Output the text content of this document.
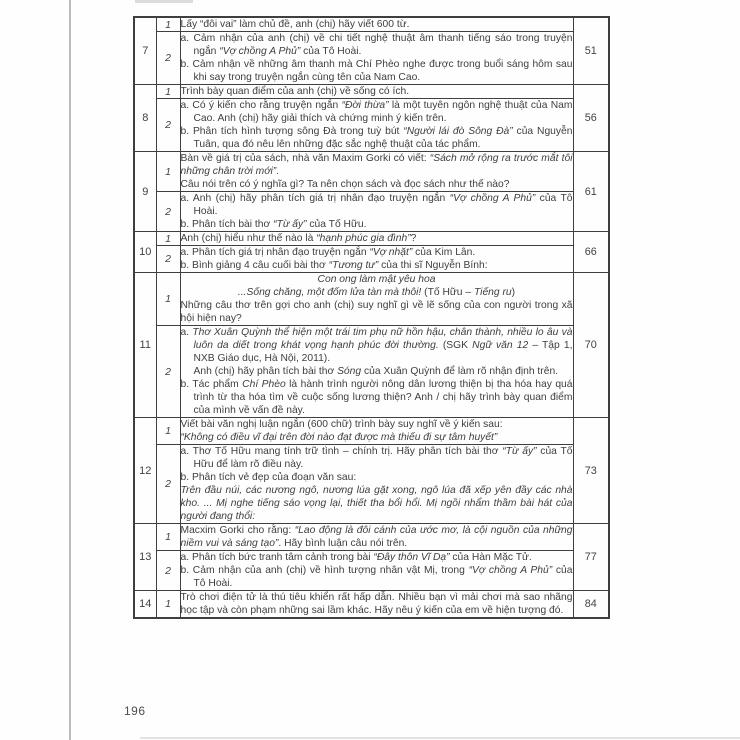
7	1	Lấy “đôi vai” làm chủ đề, anh (chị) hãy viết 600 từ.	51
	2	a. Cảm nhận của anh (chị) về chi tiết nghệ thuật âm thanh tiếng sáo trong truyện ngắn “Vợ chồng A Phủ” của Tô Hoài.
b. Cảm nhận về những âm thanh mà Chí Phèo nghe được trong buổi sáng hôm sau khi say trong truyện ngắn cùng tên của Nam Cao.	

8	1	Trình bày quan điểm của anh (chị) về sống có ích.	56
	2	a. Có ý kiến cho rằng truyện ngắn “Đời thừa” là một tuyên ngôn nghệ thuật của Nam Cao. Anh (chị) hãy giải thích và chứng minh ý kiến trên.
b. Phân tích hình tượng sông Đà trong tuỳ bút “Người lái đò Sông Đà” của Nguyễn Tuân, qua đó nêu lên những đặc sắc nghệ thuật của tác phẩm.	

9	1	Bàn về giá trị của sách, nhà văn Maxim Gorki có viết: “Sách mở rộng ra trước mắt tôi những chân trời mới”.
Câu nói trên có ý nghĩa gì? Ta nên chọn sách và đọc sách như thế nào?	61
	2	a. Anh (chị) hãy phân tích giá trị nhân đạo truyện ngắn “Vợ chồng A Phủ” của Tô Hoài.
b. Phân tích bài thơ “Từ ấy” của Tố Hữu.	

10	1	Anh (chị) hiểu như thế nào là “hạnh phúc gia đình”?	66
	2	a. Phân tích giá trị nhân đạo truyện ngắn “Vợ nhặt” của Kim Lân.
b. Bình giảng 4 câu cuối bài thơ “Tương tư” của thi sĩ Nguyễn Bính:	

11	1	Con ong làm mật yêu hoa
...Sống chăng, một đốm lửa tàn mà thôi! (Tố Hữu – Tiếng ru)
Những câu thơ trên gợi cho anh (chị) suy nghĩ gì về lẽ sống của con người trong xã hội hiện nay?	70
	2	a. Thơ Xuân Quỳnh thể hiện một trái tim phụ nữ hồn hậu, chân thành, nhiều lo âu và luôn da diết trong khát vọng hạnh phúc đời thường. (SGK Ngữ văn 12 – Tập 1, NXB Giáo dục, Hà Nội, 2011).
Anh (chị) hãy phân tích bài thơ Sóng của Xuân Quỳnh để làm rõ nhận định trên.
b. Tác phẩm Chí Phèo là hành trình người nông dân lương thiện bị tha hóa hay quá trình từ tha hóa tìm về cuộc sống lương thiện? Anh / chị hãy trình bày quan điểm của mình về vấn đề này.	

12	1	Viết bài văn nghị luận ngắn (600 chữ) trình bày suy nghĩ về ý kiến sau:
“Không có điều vĩ đại trên đời nào đạt được mà thiếu đi sự tâm huyết”	73
	2	a. Thơ Tố Hữu mang tính trữ tình – chính trị. Hãy phân tích bài thơ “Từ ấy” của Tố Hữu để làm rõ điều này.
b. Phân tích vẻ đẹp của đoạn văn sau:
Trên đầu núi, các nương ngô, nương lúa gặt xong, ngô lúa đã xếp yên đầy các nhà kho. ... Mị nghe tiếng sáo vọng lại, thiết tha bổi hổi. Mị ngồi nhẩm thầm bài hát của người đang thổi:	

13	1	Macxim Gorki cho rằng: “Lao động là đôi cánh của ước mơ, là cội nguồn của những niềm vui và sáng tạo”. Hãy bình luận câu nói trên.	77
	2	a. Phân tích bức tranh tâm cảnh trong bài “Đây thôn Vĩ Dạ” của Hàn Mặc Tử.
b. Cảm nhận của anh (chị) về hình tượng nhân vật Mị, trong “Vợ chồng A Phủ” của Tô Hoài.	

14	1	Trò chơi điện tử là thú tiêu khiển rất hấp dẫn. Nhiều bạn vì mải chơi mà sao nhãng học tập và còn phạm những sai lầm khác. Hãy nêu ý kiến của em về hiện tượng đó.	84
196
